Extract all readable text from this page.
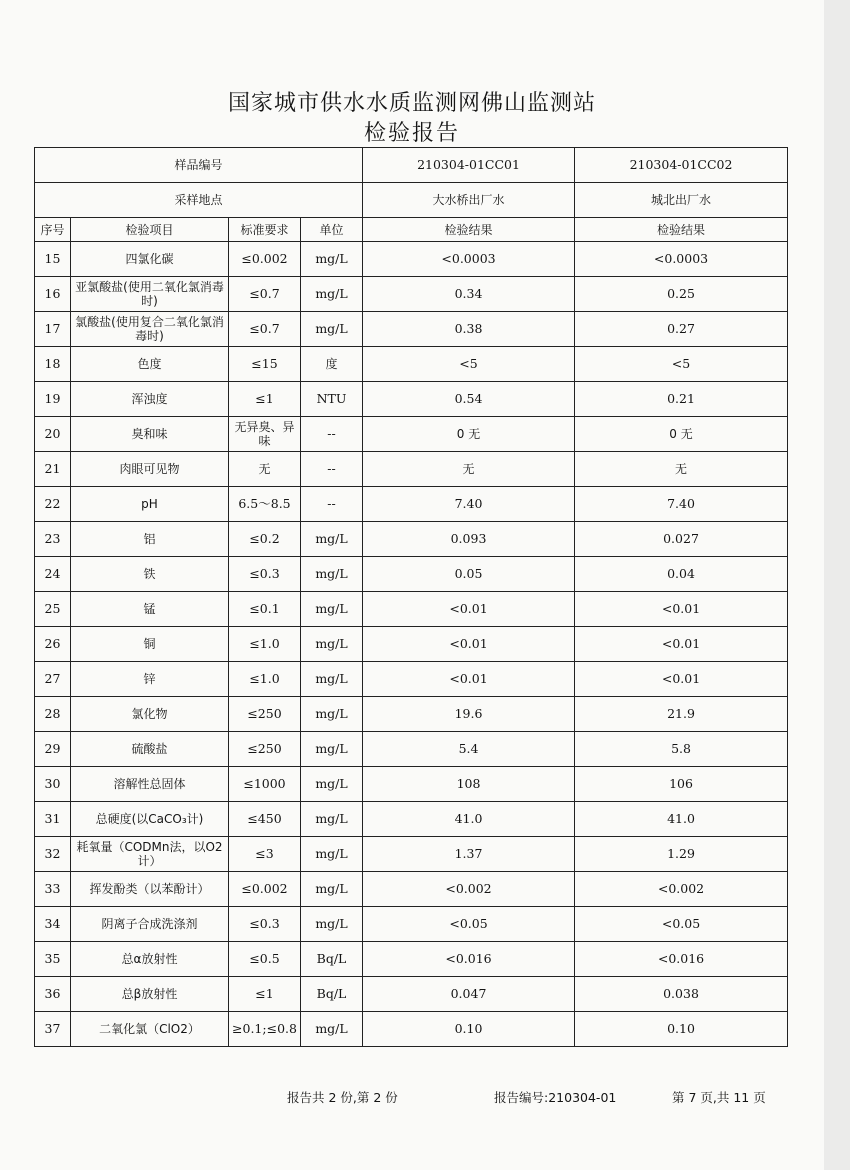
国家城市供水水质监测网佛山监测站
检验报告
样品编号				210304-01CC01	210304-01CC02
采样地点				大水桥出厂水	城北出厂水
序号	检验项目	标准要求	单位	检验结果	检验结果
15	四氯化碳	≤0.002	mg/L	<0.0003	<0.0003
16	亚氯酸盐(使用二氧化氯消毒时)	≤0.7	mg/L	0.34	0.25
17	氯酸盐(使用复合二氧化氯消毒时)	≤0.7	mg/L	0.38	0.27
18	色度	≤15	度	<5	<5
19	浑浊度	≤1	NTU	0.54	0.21
20	臭和味	无异臭、异味	--	0 无	0 无
21	肉眼可见物	无	--	无	无
22	pH	6.5～8.5	--	7.40	7.40
23	铝	≤0.2	mg/L	0.093	0.027
24	铁	≤0.3	mg/L	0.05	0.04
25	锰	≤0.1	mg/L	<0.01	<0.01
26	铜	≤1.0	mg/L	<0.01	<0.01
27	锌	≤1.0	mg/L	<0.01	<0.01
28	氯化物	≤250	mg/L	19.6	21.9
29	硫酸盐	≤250	mg/L	5.4	5.8
30	溶解性总固体	≤1000	mg/L	108	106
31	总硬度(以CaCO₃计)	≤450	mg/L	41.0	41.0
32	耗氧量（CODMn法，以O2计）	≤3	mg/L	1.37	1.29
33	挥发酚类（以苯酚计）	≤0.002	mg/L	<0.002	<0.002
34	阴离子合成洗涤剂	≤0.3	mg/L	<0.05	<0.05
35	总α放射性	≤0.5	Bq/L	<0.016	<0.016
36	总β放射性	≤1	Bq/L	0.047	0.038
37	二氧化氯（ClO2）	≥0.1;≤0.8	mg/L	0.10	0.10
报告共 2 份,第 2 份	报告编号:210304-01	第 7 页,共 11 页
